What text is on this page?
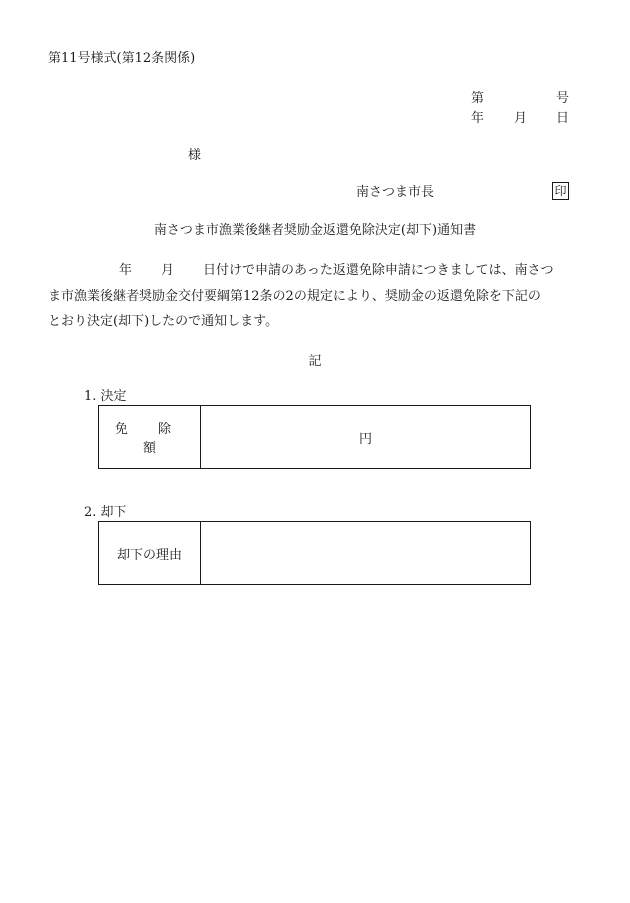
第11号様式(第12条関係)
第	号
年 月 日
様
南さつま市長	印
南さつま市漁業後継者奨励金返還免除決定(却下)通知書
年 月 日付けで申請のあった返還免除申請につきましては、南さつ
ま市漁業後継者奨励金交付要綱第12条の2の規定により、奨励金の返還免除を下記の
とおり決定(却下)したので通知します。
記
1. 決定
免 除 額	円
2. 却下
却下の理由	
